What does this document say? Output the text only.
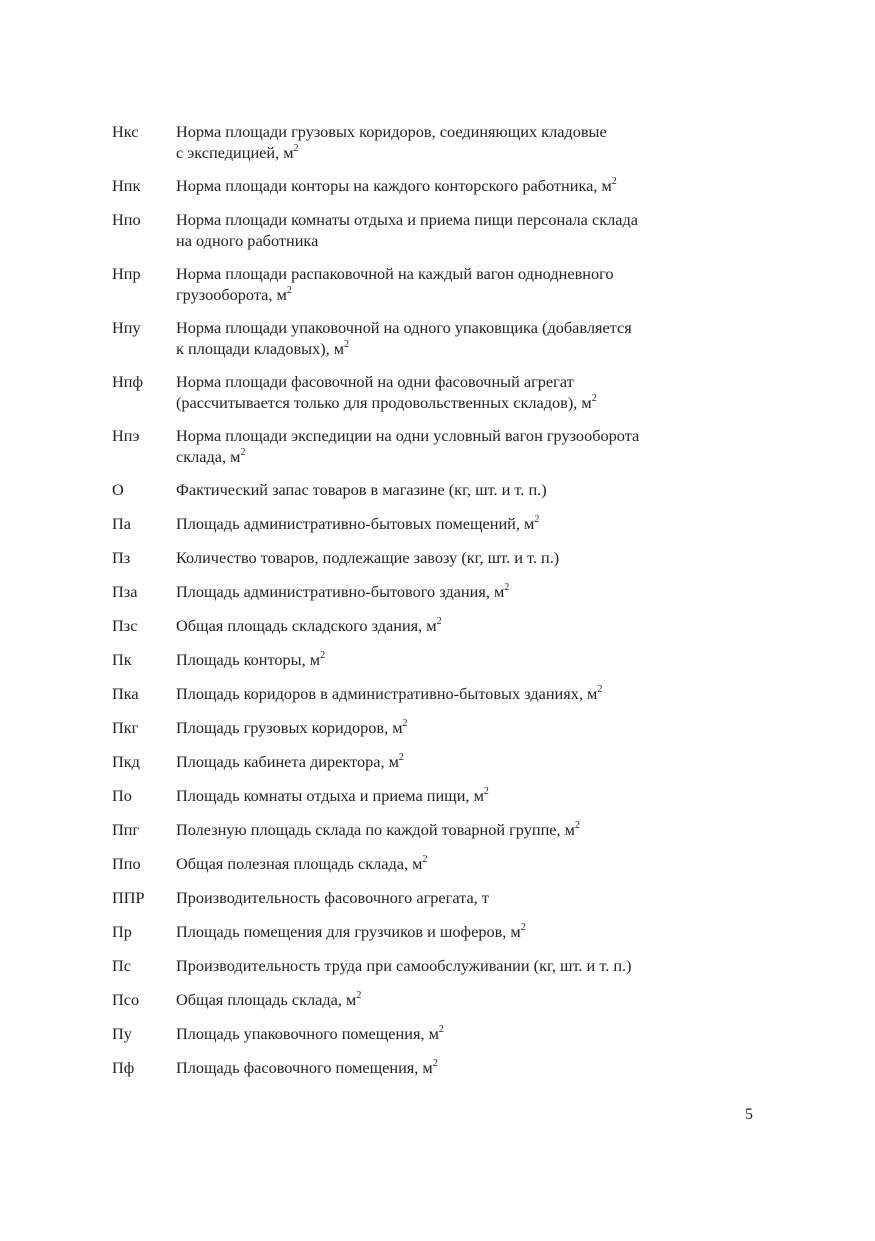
Нкс Норма площади грузовых коридоров, соединяющих кладовые
с экспедицией, $м^2$
Нпк Норма площади конторы на каждого конторского работника, $м^2$
Нпо Норма площади комнаты отдыха и приема пищи персонала склада
на одного работника
Нпр Норма площади распаковочной на каждый вагон однодневного
грузооборота, $м^2$
Нпу Норма площади упаковочной на одного упаковщика (добавляется
к площади кладовых), $м^2$
Нпф Норма площади фасовочной на одни фасовочный агрегат
(рассчитывается только для продовольственных складов), $м^2$
Нпэ Норма площади экспедиции на одни условный вагон грузооборота
склада, $м^2$
О	Фактический запас товаров в магазине (кг, шт. и т. п.)
Па	Площадь административно-бытовых помещений, $м^2$
Пз	Количество товаров, подлежащие завозу (кг, шт. и т. п.)
Пза Площадь административно-бытового здания, $м^2$
Пзс Общая площадь складского здания, $м^2$
Пк	Площадь конторы, $м^2$
Пка Площадь коридоров в административно-бытовых зданиях, $м^2$
Пкг Площадь грузовых коридоров, $м^2$
Пкд Площадь кабинета директора, $м^2$
По	Площадь комнаты отдыха и приема пищи, $м^2$
Ппг Полезную площадь склада по каждой товарной группе, $м^2$
Ппо Общая полезная площадь склада, $м^2$
ППР Производительность фасовочного агрегата, т
Пр	Площадь помещения для грузчиков и шоферов, $м^2$
Пс	Производительность труда при самообслуживании (кг, шт. и т. п.)
Псо Общая площадь склада, $м^2$
Пу	Площадь упаковочного помещения, $м^2$
Пф	Площадь фасовочного помещения, $м^2$
5
